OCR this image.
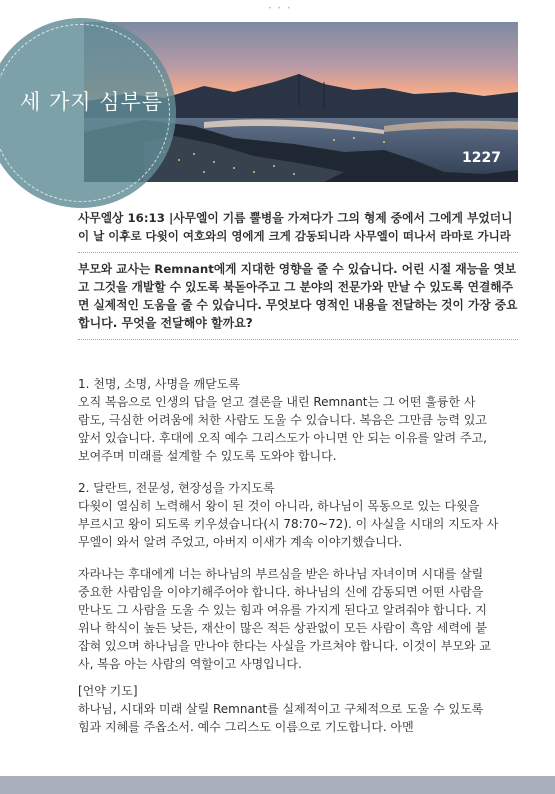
• • •
세 가지 심부름
1227

사무엘상 16:13 |사무엘이 기름 뿔병을 가져다가 그의 형제 중에서 그에게 부었더니

이 날 이후로 다윗이 여호와의 영에게 크게 감동되니라 사무엘이 떠나서 라마로 가니라

부모와 교사는 Remnant에게 지대한 영향을 줄 수 있습니다. 어린 시절 재능을 엿보

고 그것을 개발할 수 있도록 북돋아주고 그 분야의 전문가와 만날 수 있도록 연결해주

면 실제적인 도움을 줄 수 있습니다. 무엇보다 영적인 내용을 전달하는 것이 가장 중요

합니다. 무엇을 전달해야 할까요?

1. 천명, 소명, 사명을 깨닫도록

오직 복음으로 인생의 답을 얻고 결론을 내린 Remnant는 그 어떤 훌륭한 사

람도, 극심한 어려움에 처한 사람도 도울 수 있습니다. 복음은 그만큼 능력 있고

앞서 있습니다. 후대에 오직 예수 그리스도가 아니면 안 되는 이유를 알려 주고,

보여주며 미래를 설계할 수 있도록 도와야 합니다.

2. 달란트, 전문성, 현장성을 가지도록

다윗이 열심히 노력해서 왕이 된 것이 아니라, 하나님이 목동으로 있는 다윗을

부르시고 왕이 되도록 키우셨습니다(시 78:70~72). 이 사실을 시대의 지도자 사

무엘이 와서 알려 주었고, 아버지 이새가 계속 이야기했습니다.

자라나는 후대에게 너는 하나님의 부르심을 받은 하나님 자녀이며 시대를 살릴

중요한 사람임을 이야기해주어야 합니다. 하나님의 신에 감동되면 어떤 사람을

만나도 그 사람을 도울 수 있는 힘과 여유를 가지게 된다고 알려줘야 합니다. 지

위나 학식이 높든 낮든, 재산이 많은 적든 상관없이 모든 사람이 흑암 세력에 붙

잡혀 있으며 하나님을 만나야 한다는 사실을 가르쳐야 합니다. 이것이 부모와 교

사, 복음 아는 사람의 역할이고 사명입니다.

[언약 기도]

하나님, 시대와 미래 살릴 Remnant를 실제적이고 구체적으로 도울 수 있도록

힘과 지혜를 주옵소서. 예수 그리스도 이름으로 기도합니다. 아멘
